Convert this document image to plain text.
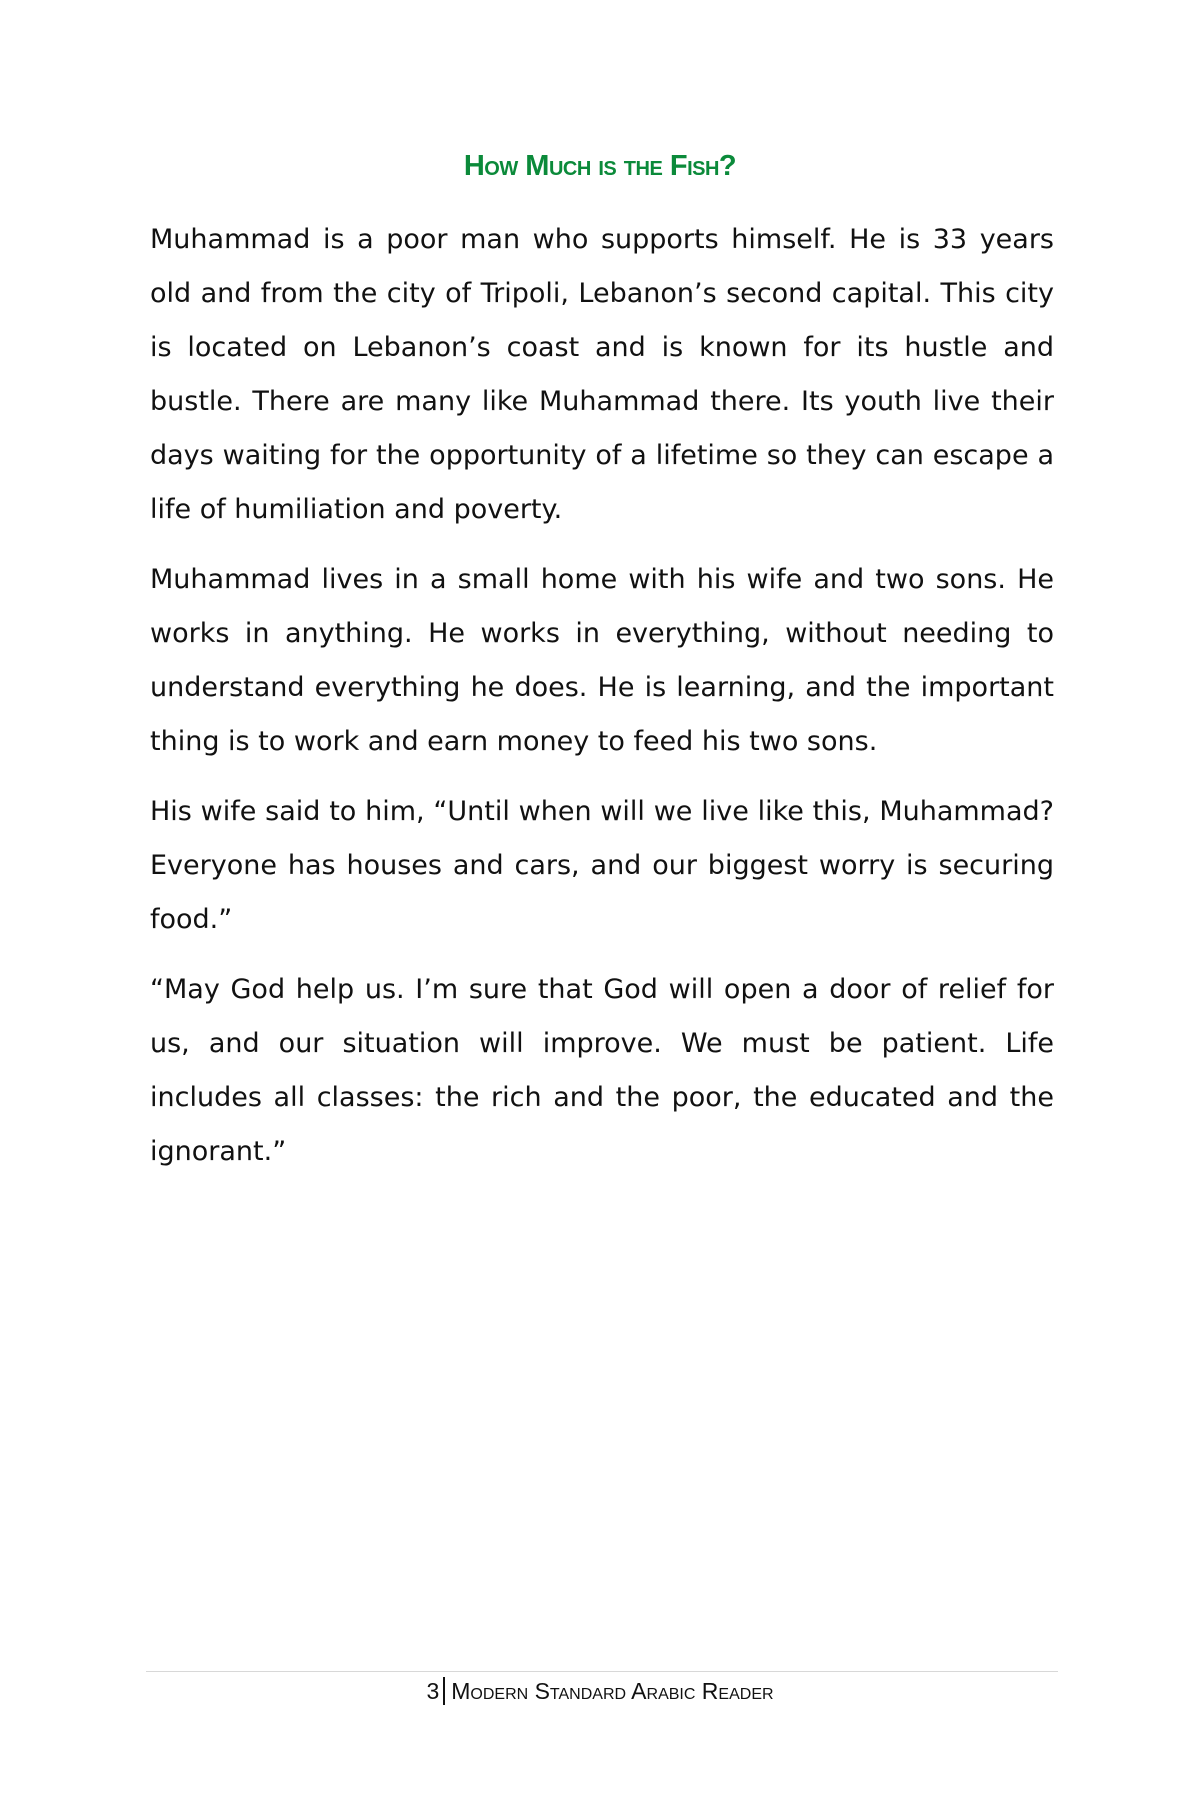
How Much is the Fish?

Muhammad is a poor man who supports himself. He is 33 years old and from the city of Tripoli, Lebanon’s second capital. This city is located on Lebanon’s coast and is known for its hustle and bustle. There are many like Muhammad there. Its youth live their days waiting for the opportunity of a lifetime so they can escape a life of humiliation and poverty.

Muhammad lives in a small home with his wife and two sons. He works in anything. He works in everything, without needing to understand everything he does. He is learning, and the important thing is to work and earn money to feed his two sons.

His wife said to him, “Until when will we live like this, Muhammad? Everyone has houses and cars, and our biggest worry is securing food.”

“May God help us. I’m sure that God will open a door of relief for us, and our situation will improve. We must be patient. Life includes all classes: the rich and the poor, the educated and the ignorant.”

3 Modern Standard Arabic Reader
